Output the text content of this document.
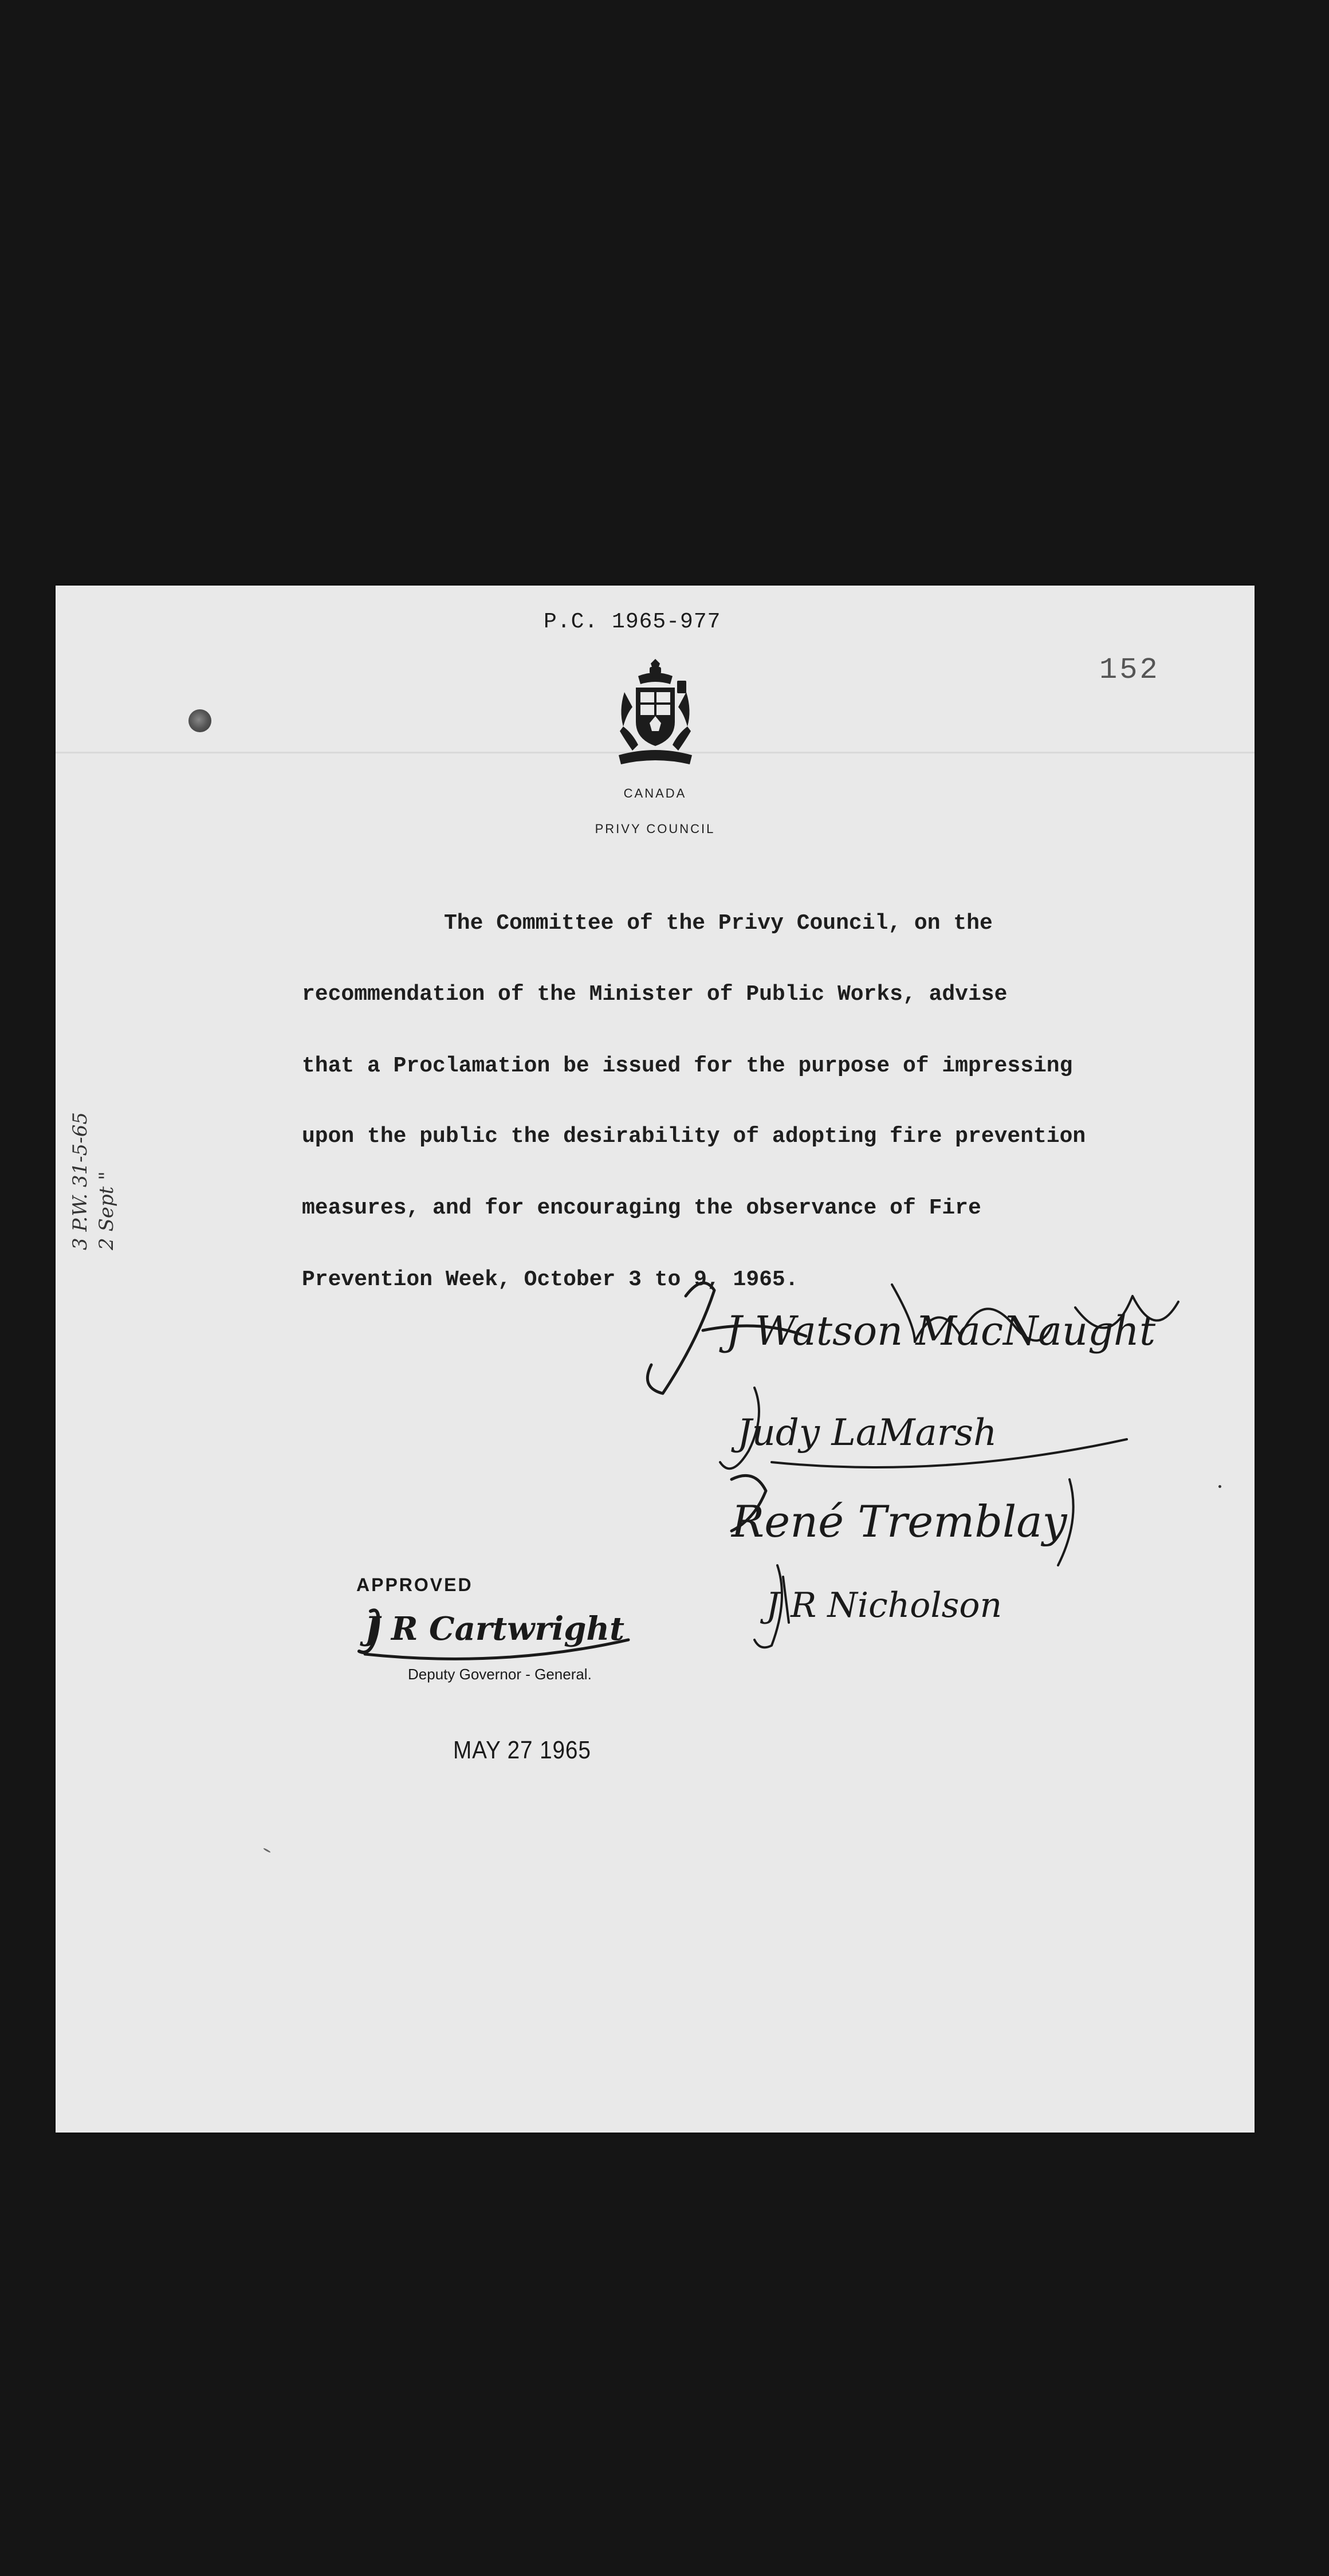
P.C. 1965-977
152
CANADA
PRIVY COUNCIL
The Committee of the Privy Council, on the
recommendation of the Minister of Public Works, advise
that a Proclamation be issued for the purpose of impressing
upon the public the desirability of adopting fire prevention
measures, and for encouraging the observance of Fire
Prevention Week, October 3 to 9, 1965.
3 P.W. 31-5-65 2 Sept "
J Watson MacNaught
Judy LaMarsh
René Tremblay
J R Nicholson
APPROVED
J R Cartwright
Deputy Governor - General.
MAY 27 1965
